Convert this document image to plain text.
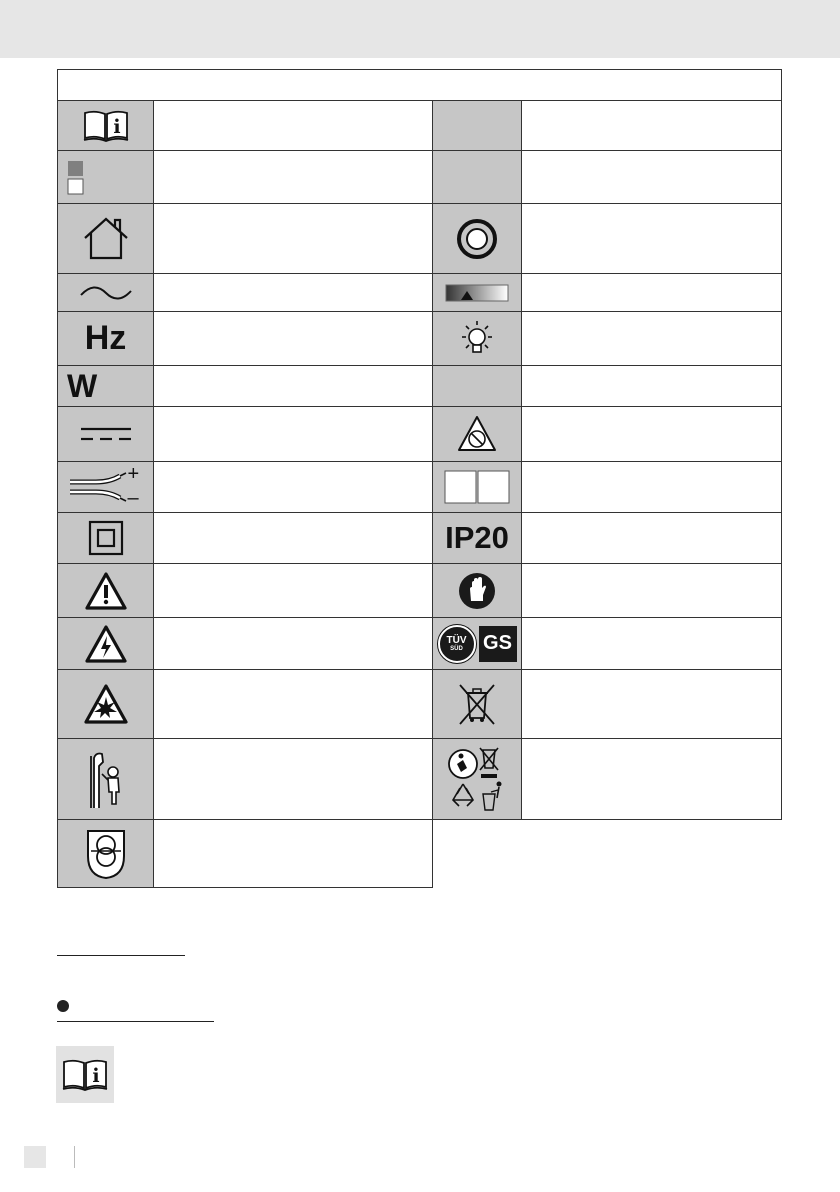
i
Hz
W
+
–
IP20
TÜV
SÜD GS
i
